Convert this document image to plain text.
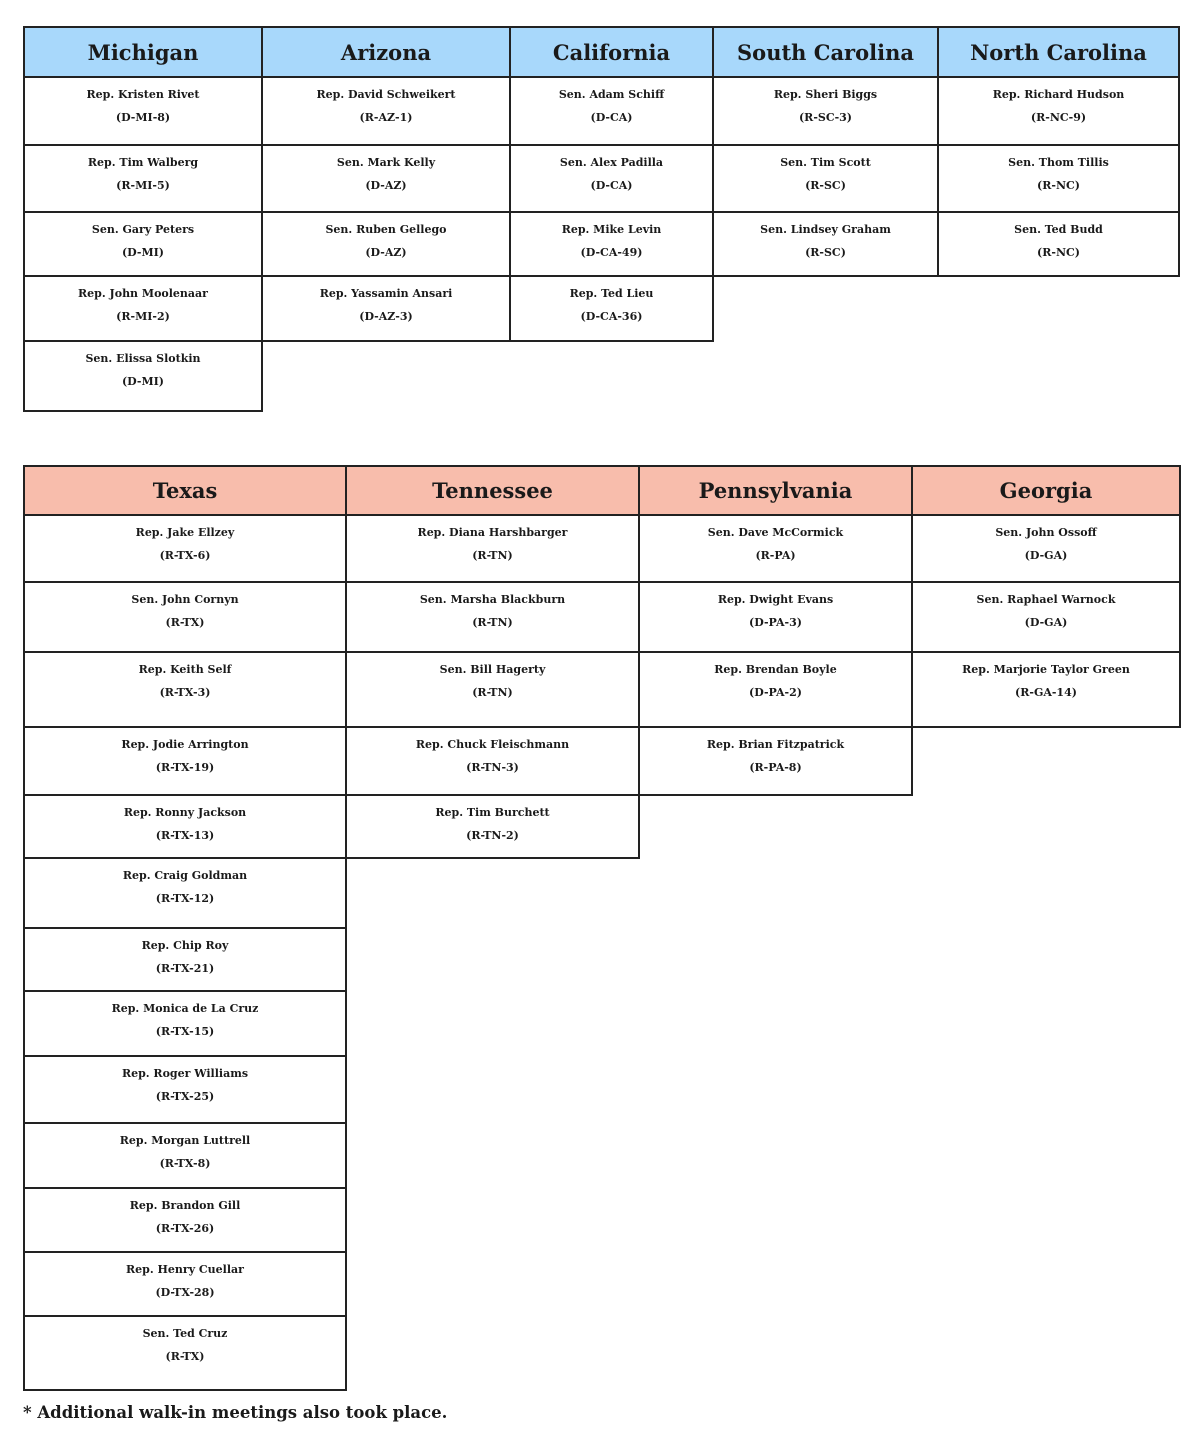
Michigan
Rep. Kristen Rivet
(D-MI-8)
Rep. Tim Walberg
(R-MI-5)
Sen. Gary Peters
(D-MI)
Rep. John Moolenaar
(R-MI-2)
Sen. Elissa Slotkin
(D-MI)
Arizona
Rep. David Schweikert
(R-AZ-1)
Sen. Mark Kelly
(D-AZ)
Sen. Ruben Gellego
(D-AZ)
Rep. Yassamin Ansari
(D-AZ-3)
California
Sen. Adam Schiff
(D-CA)
Sen. Alex Padilla
(D-CA)
Rep. Mike Levin
(D-CA-49)
Rep. Ted Lieu
(D-CA-36)
South Carolina
Rep. Sheri Biggs
(R-SC-3)
Sen. Tim Scott
(R-SC)
Sen. Lindsey Graham
(R-SC)
North Carolina
Rep. Richard Hudson
(R-NC-9)
Sen. Thom Tillis
(R-NC)
Sen. Ted Budd
(R-NC)
Texas
Rep. Jake Ellzey
(R-TX-6)
Sen. John Cornyn
(R-TX)
Rep. Keith Self
(R-TX-3)
Rep. Jodie Arrington
(R-TX-19)
Rep. Ronny Jackson
(R-TX-13)
Rep. Craig Goldman
(R-TX-12)
Rep. Chip Roy
(R-TX-21)
Rep. Monica de La Cruz
(R-TX-15)
Rep. Roger Williams
(R-TX-25)
Rep. Morgan Luttrell
(R-TX-8)
Rep. Brandon Gill
(R-TX-26)
Rep. Henry Cuellar
(D-TX-28)
Sen. Ted Cruz
(R-TX)
Tennessee
Rep. Diana Harshbarger
(R-TN)
Sen. Marsha Blackburn
(R-TN)
Sen. Bill Hagerty
(R-TN)
Rep. Chuck Fleischmann
(R-TN-3)
Rep. Tim Burchett
(R-TN-2)
Pennsylvania
Sen. Dave McCormick
(R-PA)
Rep. Dwight Evans
(D-PA-3)
Rep. Brendan Boyle
(D-PA-2)
Rep. Brian Fitzpatrick
(R-PA-8)
Georgia
Sen. John Ossoff
(D-GA)
Sen. Raphael Warnock
(D-GA)
Rep. Marjorie Taylor Green
(R-GA-14)
* Additional walk-in meetings also took place.
